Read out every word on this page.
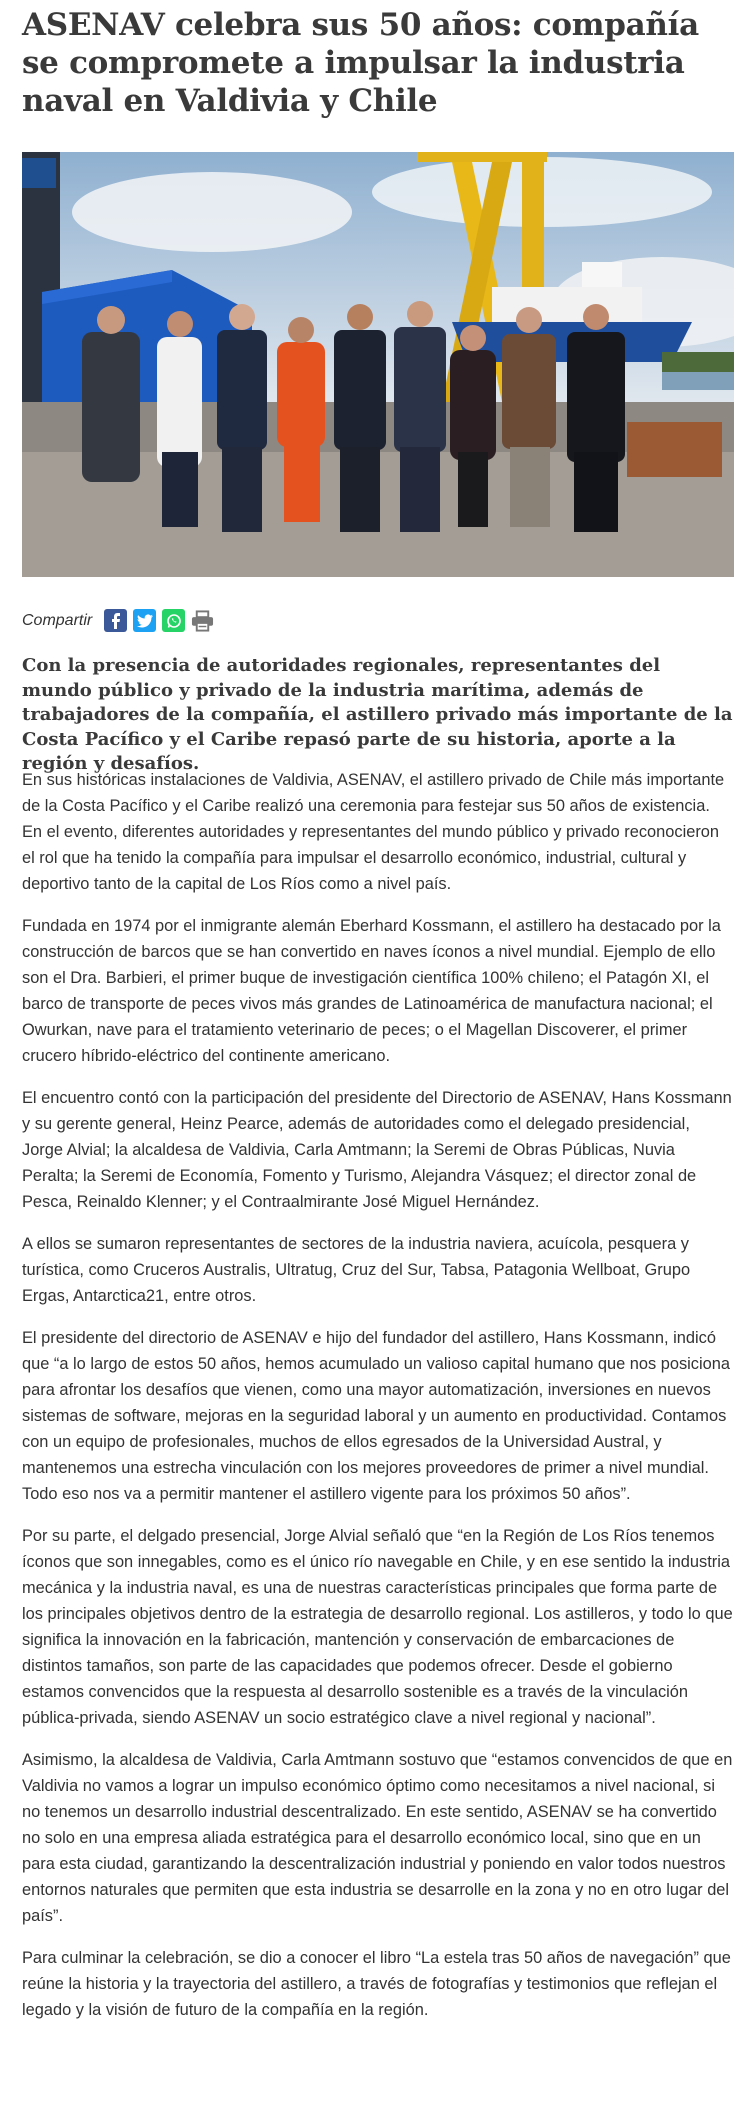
ASENAV celebra sus 50 años: compañía se compromete a impulsar la industria naval en Valdivia y Chile
Compartir

Con la presencia de autoridades regionales, representantes del mundo público y privado de la industria marítima, además de trabajadores de la compañía, el astillero privado más importante de la Costa Pacífico y el Caribe repasó parte de su historia, aporte a la región y desafíos.

En sus históricas instalaciones de Valdivia, ASENAV, el astillero privado de Chile más importante de la Costa Pacífico y el Caribe realizó una ceremonia para festejar sus 50 años de existencia. En el evento, diferentes autoridades y representantes del mundo público y privado reconocieron el rol que ha tenido la compañía para impulsar el desarrollo económico, industrial, cultural y deportivo tanto de la capital de Los Ríos como a nivel país.

Fundada en 1974 por el inmigrante alemán Eberhard Kossmann, el astillero ha destacado por la construcción de barcos que se han convertido en naves íconos a nivel mundial. Ejemplo de ello son el Dra. Barbieri, el primer buque de investigación científica 100% chileno; el Patagón XI, el barco de transporte de peces vivos más grandes de Latinoamérica de manufactura nacional; el Owurkan, nave para el tratamiento veterinario de peces; o el Magellan Discoverer, el primer crucero híbrido-eléctrico del continente americano.

El encuentro contó con la participación del presidente del Directorio de ASENAV, Hans Kossmann y su gerente general, Heinz Pearce, además de autoridades como el delegado presidencial, Jorge Alvial; la alcaldesa de Valdivia, Carla Amtmann; la Seremi de Obras Públicas, Nuvia Peralta; la Seremi de Economía, Fomento y Turismo, Alejandra Vásquez; el director zonal de Pesca, Reinaldo Klenner; y el Contraalmirante José Miguel Hernández.

A ellos se sumaron representantes de sectores de la industria naviera, acuícola, pesquera y turística, como Cruceros Australis, Ultratug, Cruz del Sur, Tabsa, Patagonia Wellboat, Grupo Ergas, Antarctica21, entre otros.

El presidente del directorio de ASENAV e hijo del fundador del astillero, Hans Kossmann, indicó que “a lo largo de estos 50 años, hemos acumulado un valioso capital humano que nos posiciona para afrontar los desafíos que vienen, como una mayor automatización, inversiones en nuevos sistemas de software, mejoras en la seguridad laboral y un aumento en productividad. Contamos con un equipo de profesionales, muchos de ellos egresados de la Universidad Austral, y mantenemos una estrecha vinculación con los mejores proveedores de primer a nivel mundial. Todo eso nos va a permitir mantener el astillero vigente para los próximos 50 años”.

Por su parte, el delgado presencial, Jorge Alvial señaló que “en la Región de Los Ríos tenemos íconos que son innegables, como es el único río navegable en Chile, y en ese sentido la industria mecánica y la industria naval, es una de nuestras características principales que forma parte de los principales objetivos dentro de la estrategia de desarrollo regional. Los astilleros, y todo lo que significa la innovación en la fabricación, mantención y conservación de embarcaciones de distintos tamaños, son parte de las capacidades que podemos ofrecer. Desde el gobierno estamos convencidos que la respuesta al desarrollo sostenible es a través de la vinculación pública-privada, siendo ASENAV un socio estratégico clave a nivel regional y nacional”.

Asimismo, la alcaldesa de Valdivia, Carla Amtmann sostuvo que “estamos convencidos de que en Valdivia no vamos a lograr un impulso económico óptimo como necesitamos a nivel nacional, si no tenemos un desarrollo industrial descentralizado. En este sentido, ASENAV se ha convertido no solo en una empresa aliada estratégica para el desarrollo económico local, sino que en un para esta ciudad, garantizando la descentralización industrial y poniendo en valor todos nuestros entornos naturales que permiten que esta industria se desarrolle en la zona y no en otro lugar del país”.

Para culminar la celebración, se dio a conocer el libro “La estela tras 50 años de navegación” que reúne la historia y la trayectoria del astillero, a través de fotografías y testimonios que reflejan el legado y la visión de futuro de la compañía en la región.
